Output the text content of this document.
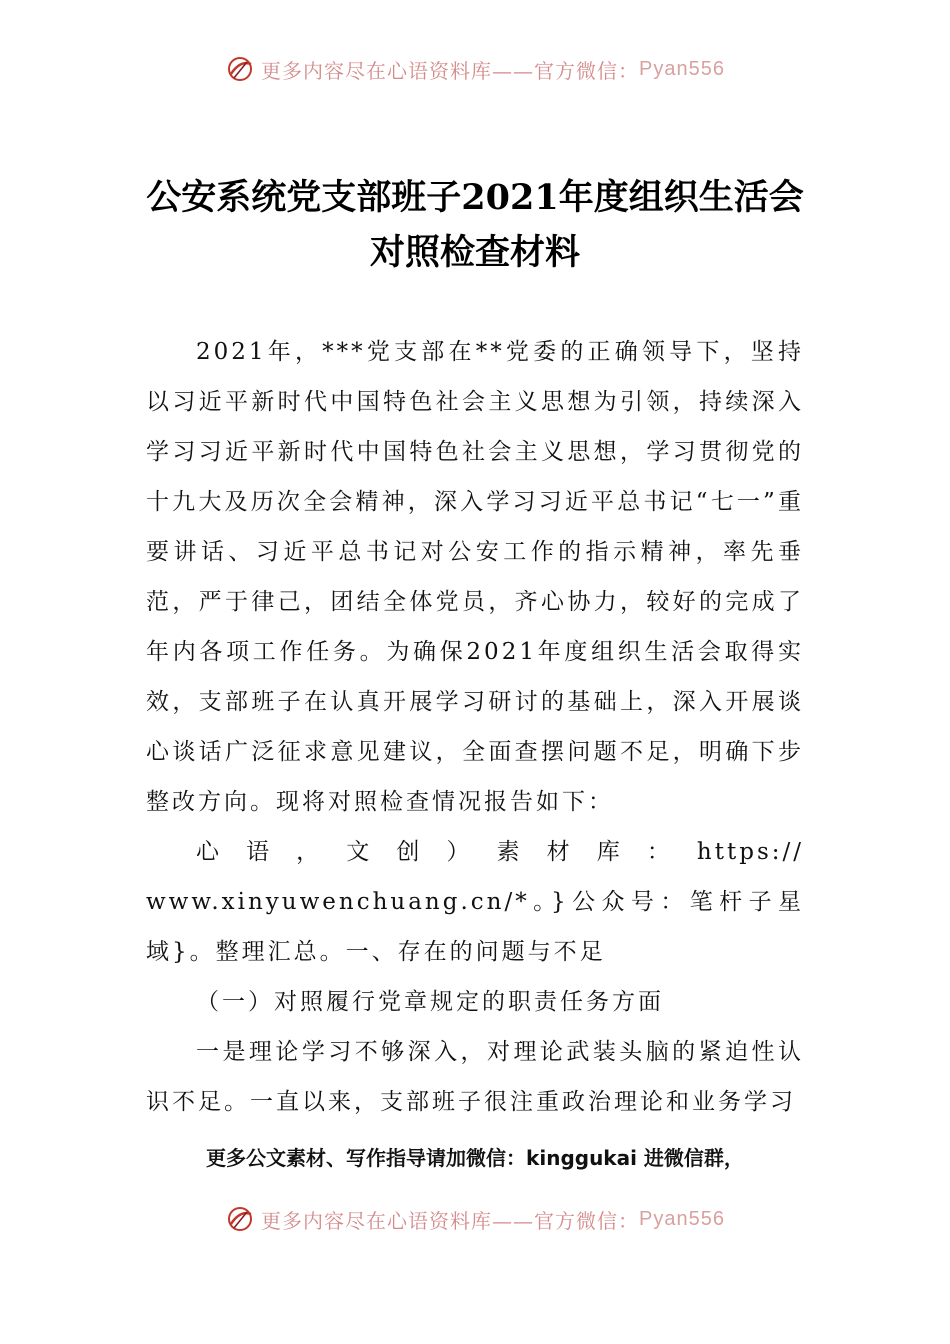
更多内容尽在心语资料库——官方微信： Pyan556
公安系统党支部班子2021年度组织生活会
对照检查材料

2021年，***党支部在**党委的正确领导下，坚持以习近平新时代中国特色社会主义思想为引领，持续深入学习习近平新时代中国特色社会主义思想，学习贯彻党的十九大及历次全会精神，深入学习习近平总书记“七一”重要讲话、习近平总书记对公安工作的指示精神，率先垂范，严于律己，团结全体党员，齐心协力，较好的完成了年内各项工作任务。为确保2021年度组织生活会取得实效，支部班子在认真开展学习研讨的基础上，深入开展谈心谈话广泛征求意见建议，全面查摆问题不足，明确下步整改方向。现将对照检查情况报告如下：

心语，文创）素材库：https://

www.xinyuwenchuang.cn/*。}公众号：笔杆子星域}。整理汇总。一、存在的问题与不足

（一）对照履行党章规定的职责任务方面

一是理论学习不够深入，对理论武装头脑的紧迫性认识不足。一直以来，支部班子很注重政治理论和业务学习

更多公文素材、写作指导请加微信：kinggukai 进微信群，
更多内容尽在心语资料库——官方微信： Pyan556
